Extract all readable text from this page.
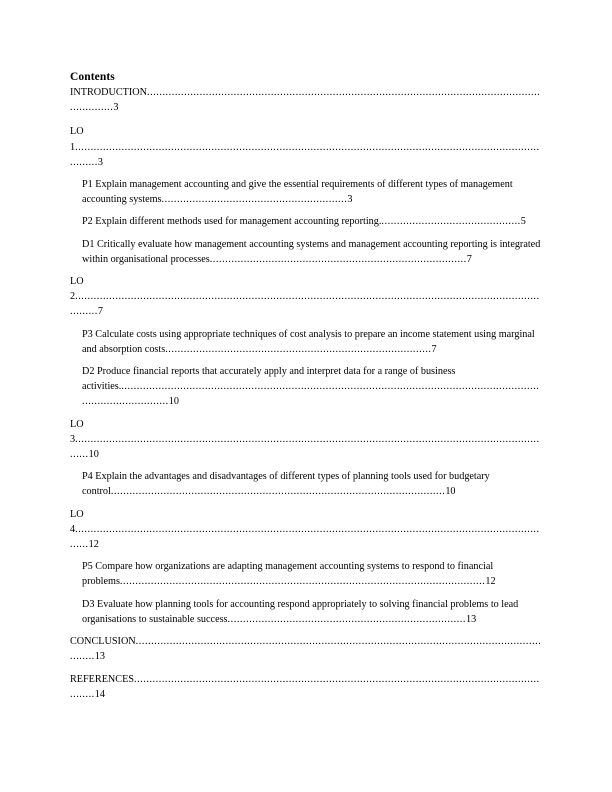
Contents
INTRODUCTION.............................................................................................................................................3
LO 1...............................................................................................................................................................3
P1 Explain management accounting and give the essential requirements of different types of management accounting systems............................................................3
P2 Explain different methods used for management accounting reporting..............................................5
D1 Critically evaluate how management accounting systems and management accounting reporting is integrated within organisational processes...................................................................................7
LO 2...............................................................................................................................................................7
P3 Calculate costs using appropriate techniques of cost analysis to prepare an income statement using marginal and absorption costs......................................................................................7
D2 Produce financial reports that accurately apply and interpret data for a range of business activities....................................................................................................................................................................10
LO 3............................................................................................................................................................10
P4 Explain the advantages and disadvantages of different types of planning tools used for budgetary control............................................................................................................10
LO 4............................................................................................................................................................12
P5 Compare how organizations are adapting management accounting systems to respond to financial problems......................................................................................................................12
D3 Evaluate how planning tools for accounting respond appropriately to solving financial problems to lead organisations to sustainable success.............................................................................13
CONCLUSION...........................................................................................................................................13
REFERENCES...........................................................................................................................................14
